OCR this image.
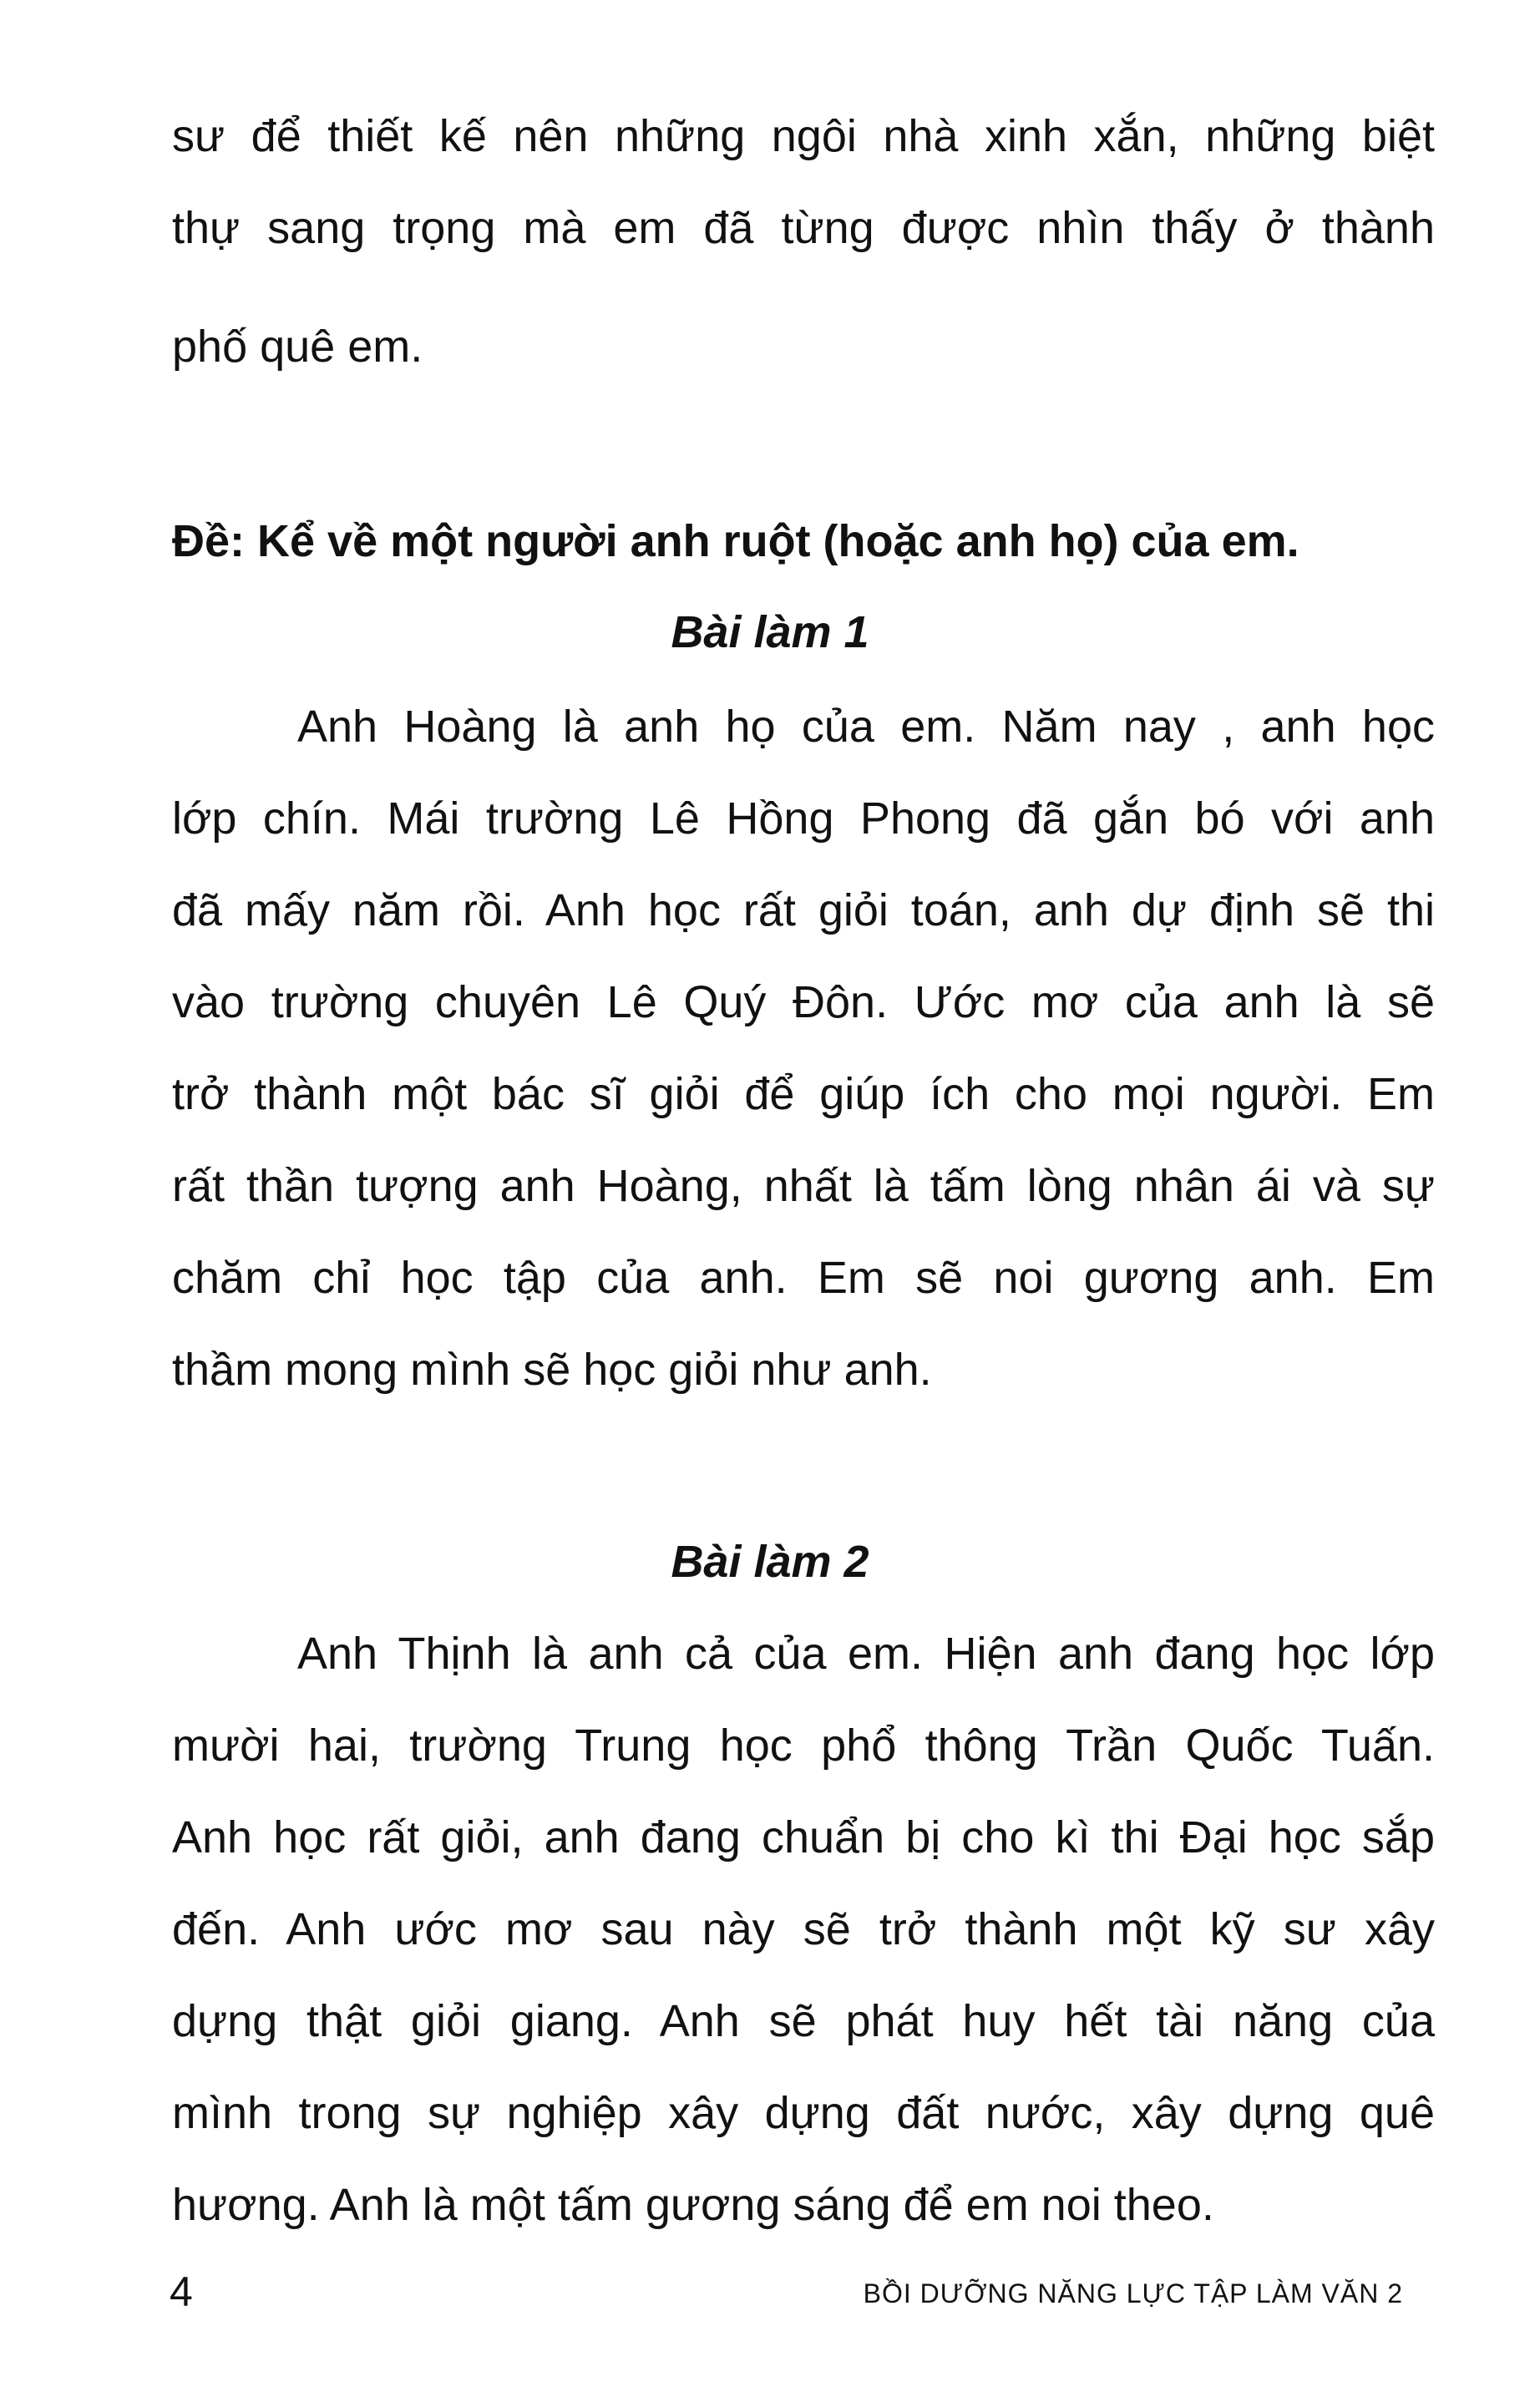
sư để thiết kế nên những ngôi nhà xinh xắn, những biệt
thự sang trọng mà em đã từng được nhìn thấy ở thành
phố quê em.
Đề: Kể về một người anh ruột (hoặc anh họ) của em.
Bài làm 1
Anh Hoàng là anh họ của em. Năm nay , anh học
lớp chín. Mái trường Lê Hồng Phong đã gắn bó với anh
đã mấy năm rồi. Anh học rất giỏi toán, anh dự định sẽ thi
vào trường chuyên Lê Quý Đôn. Ước mơ của anh là sẽ
trở thành một bác sĩ giỏi để giúp ích cho mọi người. Em
rất thần tượng anh Hoàng, nhất là tấm lòng nhân ái và sự
chăm chỉ học tập của anh. Em sẽ noi gương anh. Em
thầm mong mình sẽ học giỏi như anh.
Bài làm 2
Anh Thịnh là anh cả của em. Hiện anh đang học lớp
mười hai, trường Trung học phổ thông Trần Quốc Tuấn.
Anh học rất giỏi, anh đang chuẩn bị cho kì thi Đại học sắp
đến. Anh ước mơ sau này sẽ trở thành một kỹ sư xây
dựng thật giỏi giang. Anh sẽ phát huy hết tài năng của
mình trong sự nghiệp xây dựng đất nước, xây dựng quê
hương. Anh là một tấm gương sáng để em noi theo.
4	BỒI DƯỠNG NĂNG LỰC TẬP LÀM VĂN 2
